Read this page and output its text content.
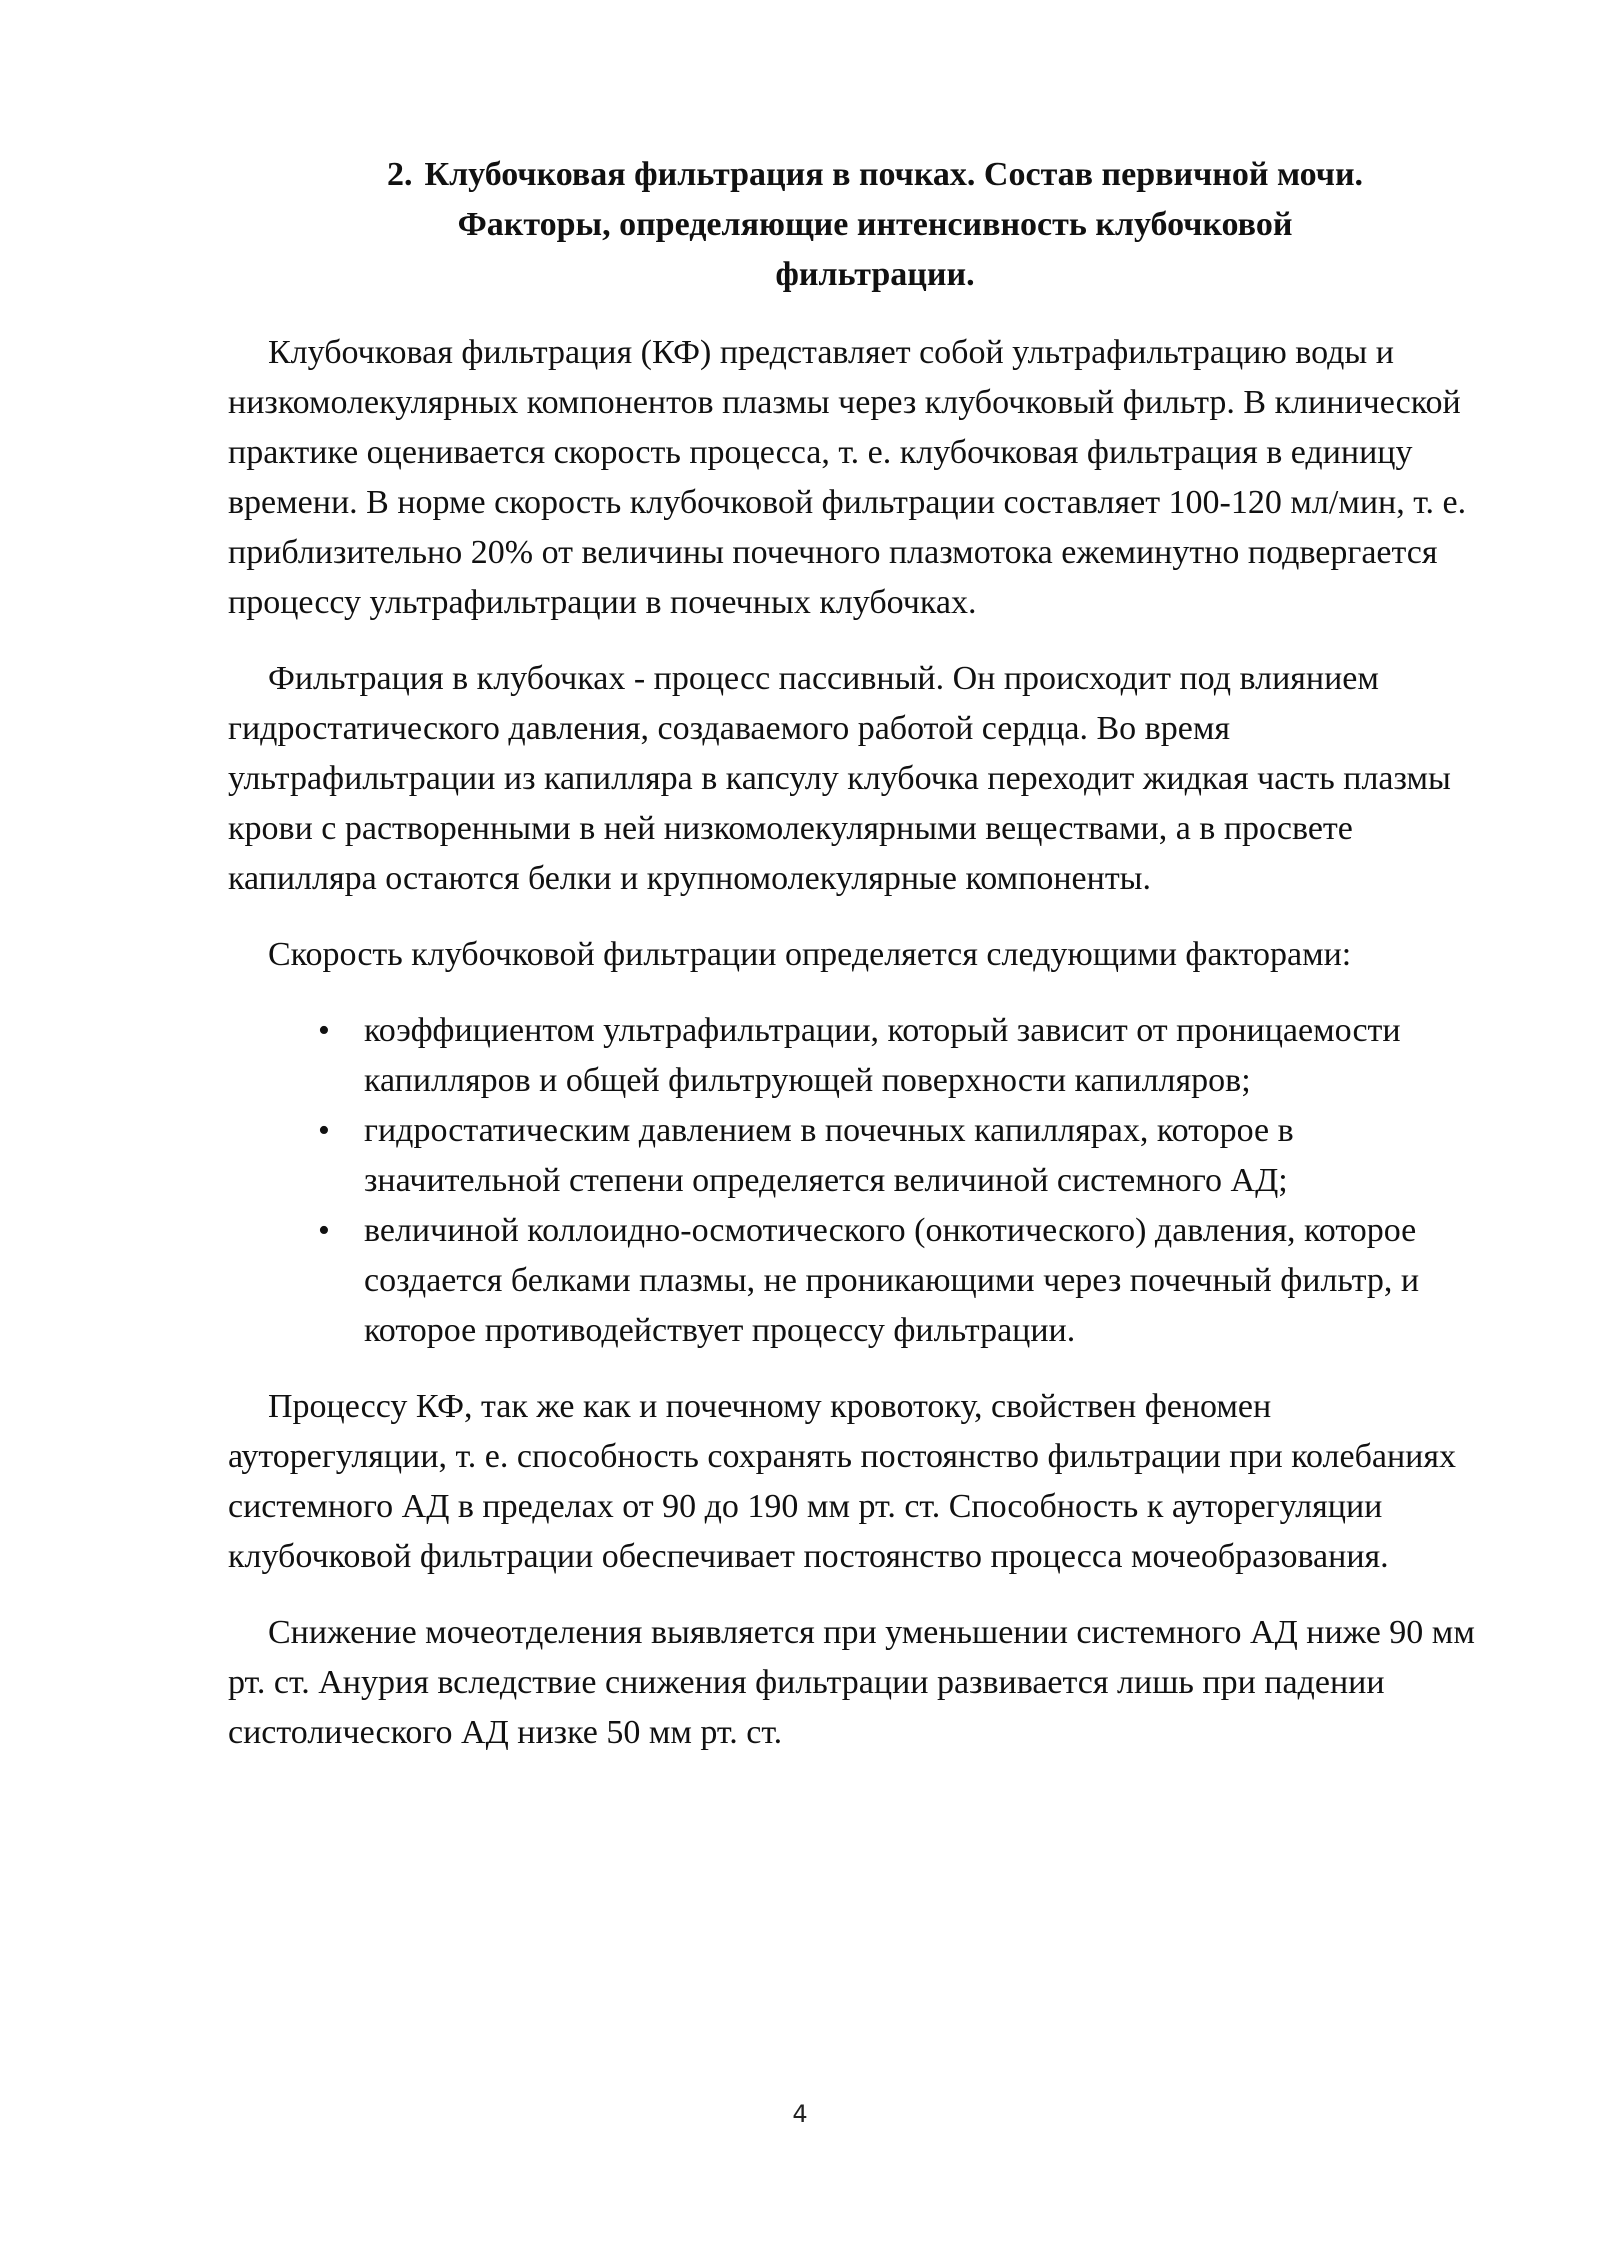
2. Клубочковая фильтрация в почках. Состав первичной мочи.
Факторы, определяющие интенсивность клубочковой
фильтрации.

Клубочковая фильтрация (КФ) представляет собой ультрафильтрацию воды и низкомолекулярных компонентов плазмы через клубочковый фильтр. В клинической практике оценивается скорость процесса, т. е. клубочковая фильтрация в единицу времени. В норме скорость клубочковой фильтрации составляет 100-120 мл/мин, т. е. приблизительно 20% от величины почечного плазмотока ежеминутно подвергается процессу ультрафильтрации в почечных клубочках.

Фильтрация в клубочках - процесс пассивный. Он происходит под влиянием гидростатического давления, создаваемого работой сердца. Во время ультрафильтрации из капилляра в капсулу клубочка переходит жидкая часть плазмы крови с растворенными в ней низкомолекулярными веществами, а в просвете капилляра остаются белки и крупномолекулярные компоненты.

Скорость клубочковой фильтрации определяется следующими факторами:

• коэффициентом ультрафильтрации, который зависит от проницаемости капилляров и общей фильтрующей поверхности капилляров;
• гидростатическим давлением в почечных капиллярах, которое в значительной степени определяется величиной системного АД;
• величиной коллоидно-осмотического (онкотического) давления, которое создается белками плазмы, не проникающими через почечный фильтр, и которое противодействует процессу фильтрации.

Процессу КФ, так же как и почечному кровотоку, свойствен феномен ауторегуляции, т. е. способность сохранять постоянство фильтрации при колебаниях системного АД в пределах от 90 до 190 мм рт. ст. Способность к ауторегуляции клубочковой фильтрации обеспечивает постоянство процесса мочеобразования.

Снижение мочеотделения выявляется при уменьшении системного АД ниже 90 мм рт. ст. Анурия вследствие снижения фильтрации развивается лишь при падении систолического АД низке 50 мм рт. ст.

4
